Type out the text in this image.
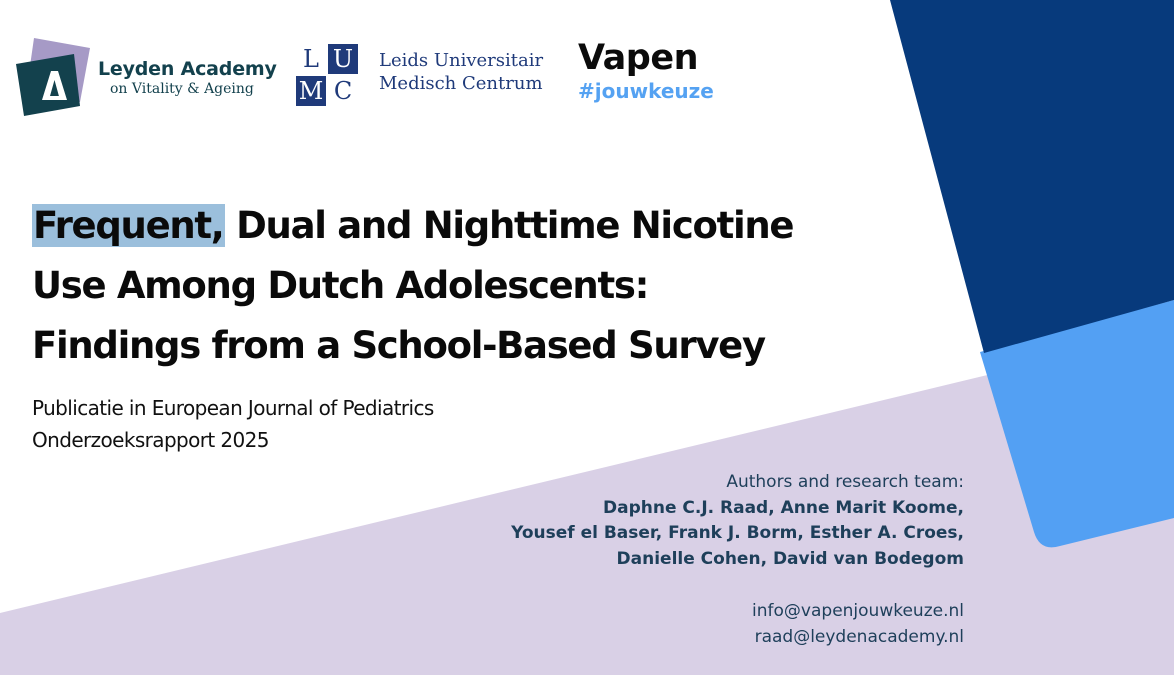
Leyden Academy
on Vitality & Ageing
L U
M C
Leids Universitair
Medisch Centrum
Vapen
#jouwkeuze
Frequent, Dual and Nighttime Nicotine
Use Among Dutch Adolescents:
Findings from a School-Based Survey
Publicatie in European Journal of Pediatrics
Onderzoeksrapport 2025
Authors and research team:
Daphne C.J. Raad, Anne Marit Koome,
Yousef el Baser, Frank J. Borm, Esther A. Croes,
Danielle Cohen, David van Bodegom
info@vapenjouwkeuze.nl
raad@leydenacademy.nl
